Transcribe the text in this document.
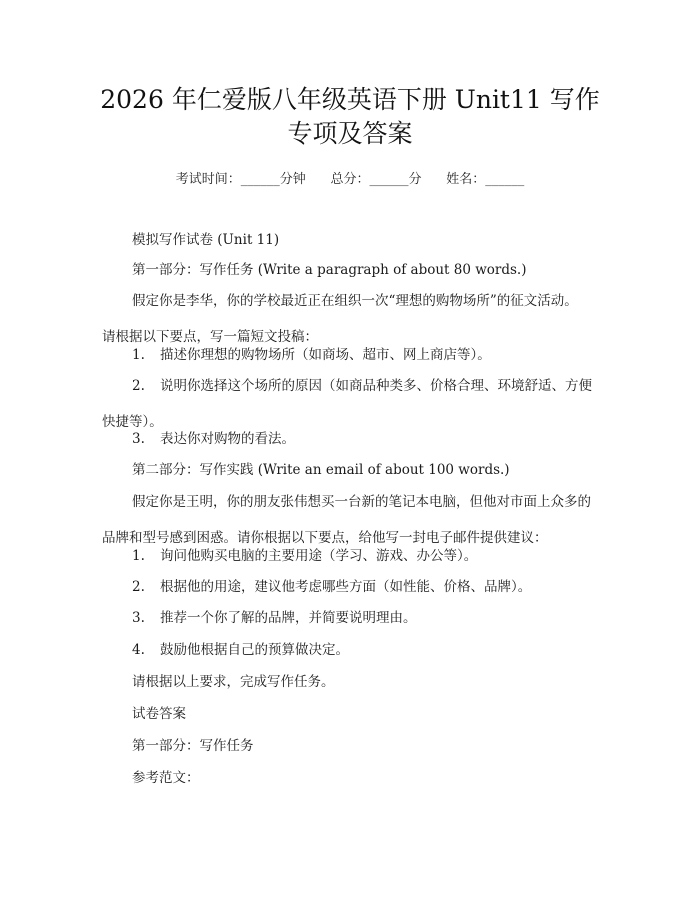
2026 年仁爱版八年级英语下册 Unit11 写作
专项及答案
考试时间：______分钟      总分：______分      姓名：______

模拟写作试卷 (Unit 11)

第一部分：写作任务 (Write a paragraph of about 80 words.)

假定你是李华，你的学校最近正在组织一次“理想的购物场所”的征文活动。

请根据以下要点，写一篇短文投稿：

1. 描述你理想的购物场所（如商场、超市、网上商店等）。

2. 说明你选择这个场所的原因（如商品种类多、价格合理、环境舒适、方便

快捷等）。

3. 表达你对购物的看法。

第二部分：写作实践 (Write an email of about 100 words.)

假定你是王明，你的朋友张伟想买一台新的笔记本电脑，但他对市面上众多的

品牌和型号感到困惑。请你根据以下要点，给他写一封电子邮件提供建议：

1. 询问他购买电脑的主要用途（学习、游戏、办公等）。

2. 根据他的用途，建议他考虑哪些方面（如性能、价格、品牌）。

3. 推荐一个你了解的品牌，并简要说明理由。

4. 鼓励他根据自己的预算做决定。

请根据以上要求，完成写作任务。

试卷答案

第一部分：写作任务

参考范文：
